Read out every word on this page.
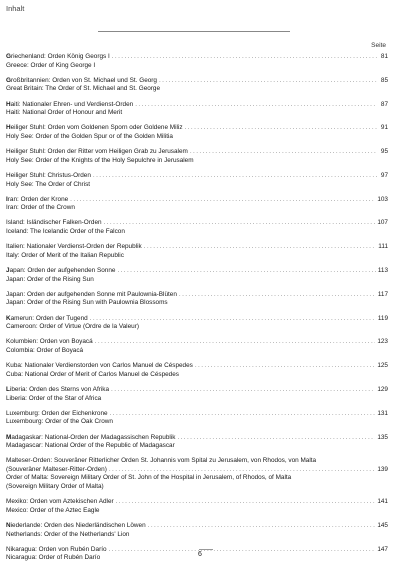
Inhalt
Seite
Griechenland: Orden König Georgs I .....	81
Greece: Order of King George I
Großbritannien: Orden von St. Michael und St. Georg .....	85
Great Britain: The Order of St. Michael and St. George
Haiti: Nationaler Ehren- und Verdienst-Orden .....	87
Haiti: National Order of Honour and Merit
Heiliger Stuhl: Orden vom Goldenen Sporn oder Goldene Miliz .....	91
Holy See: Order of the Golden Spur or of the Golden Militia
Heiliger Stuhl: Orden der Ritter vom Heiligen Grab zu Jerusalem .....	95
Holy See: Order of the Knights of the Holy Sepulchre in Jerusalem
Heiliger Stuhl: Christus-Orden .....	97
Holy See: The Order of Christ
Iran: Orden der Krone .....	103
Iran: Order of the Crown
Island: Isländischer Falken-Orden .....	107
Iceland: The Icelandic Order of the Falcon
Italien: Nationaler Verdienst-Orden der Republik .....	111
Italy: Order of Merit of the Italian Republic
Japan: Orden der aufgehenden Sonne .....	113
Japan: Order of the Rising Sun
Japan: Orden der aufgehenden Sonne mit Paulownia-Blüten .....	117
Japan: Order of the Rising Sun with Paulownia Blossoms
Kamerun: Orden der Tugend .....	119
Cameroon: Order of Virtue (Ordre de la Valeur)
Kolumbien: Orden von Boyacá .....	123
Colombia: Order of Boyacá
Kuba: Nationaler Verdienstorden von Carlos Manuel de Céspedes .....	125
Cuba: National Order of Merit of Carlos Manuel de Céspedes
Liberia: Orden des Sterns von Afrika .....	129
Liberia: Order of the Star of Africa
Luxemburg: Orden der Eichenkrone .....	131
Luxembourg: Order of the Oak Crown
Madagaskar: National-Orden der Madagassischen Republik .....	135
Madagascar: National Order of the Republic of Madagascar
Malteser-Orden: Souveräner Ritterlicher Orden St. Johannis vom Spital zu Jerusalem, von Rhodos, von Malta
(Souveräner Malteser-Ritter-Orden) .....	139
Order of Malta: Sovereign Military Order of St. John of the Hospital in Jerusalem, of Rhodos, of Malta
(Sovereign Military Order of Malta)
Mexiko: Orden vom Aztekischen Adler .....	141
Mexico: Order of the Aztec Eagle
Niederlande: Orden des Niederländischen Löwen .....	145
Netherlands: Order of the Netherlands' Lion
Nikaragua: Orden von Rubén Darío .....	147
Nicaragua: Order of Rubén Darío	6
